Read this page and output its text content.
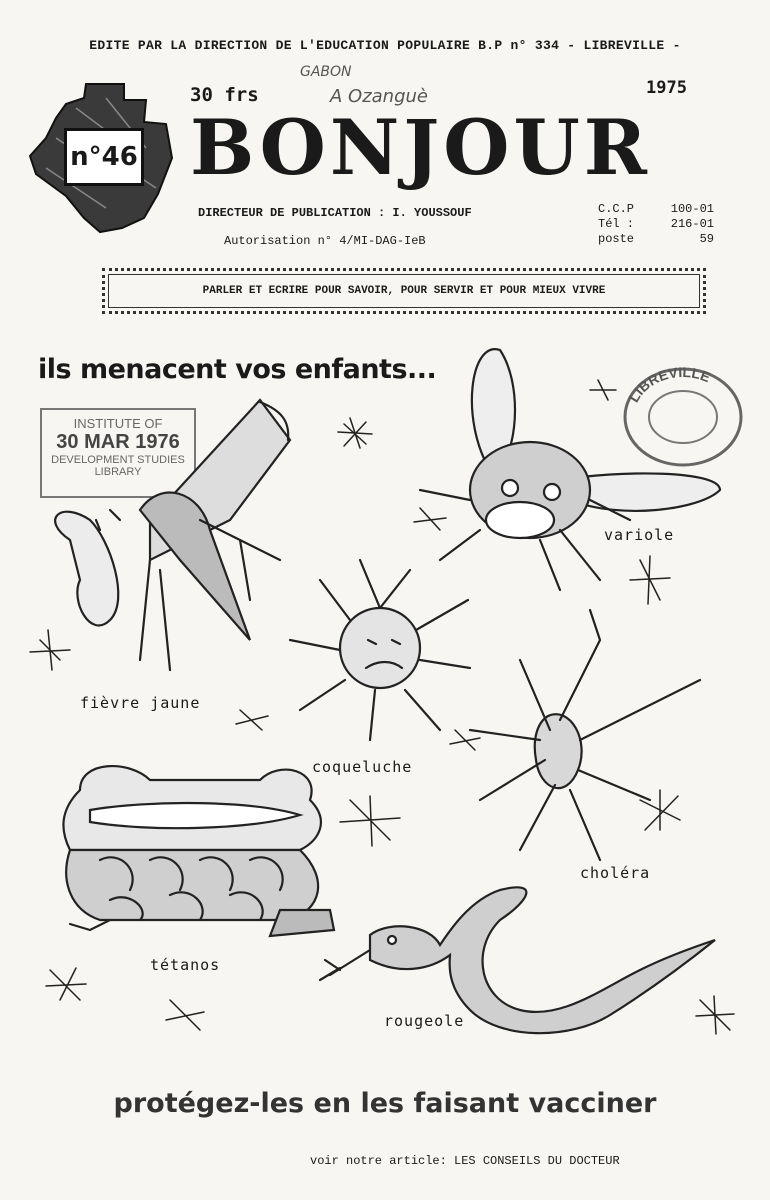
EDITE PAR LA DIRECTION DE L'EDUCATION POPULAIRE B.P n° 334 - LIBREVILLE -
n°46
30 frs	1975
GABON
A Ozanguè
BONJOUR
DIRECTEUR DE PUBLICATION : I. YOUSSOUF
Autorisation n° 4/MI-DAG-IeB
C.C.P	100-01
Tél :	216-01
poste	59
PARLER ET ECRIRE POUR SAVOIR, POUR SERVIR ET POUR MIEUX VIVRE
ils menacent vos enfants...
INSTITUTE OF
30 MAR 1976
DEVELOPMENT STUDIES
LIBRARY
LIBREVILLE
fièvre jaune
variole
coqueluche
choléra
tétanos
rougeole
protégez-les en les faisant vacciner
voir notre article: LES CONSEILS DU DOCTEUR
